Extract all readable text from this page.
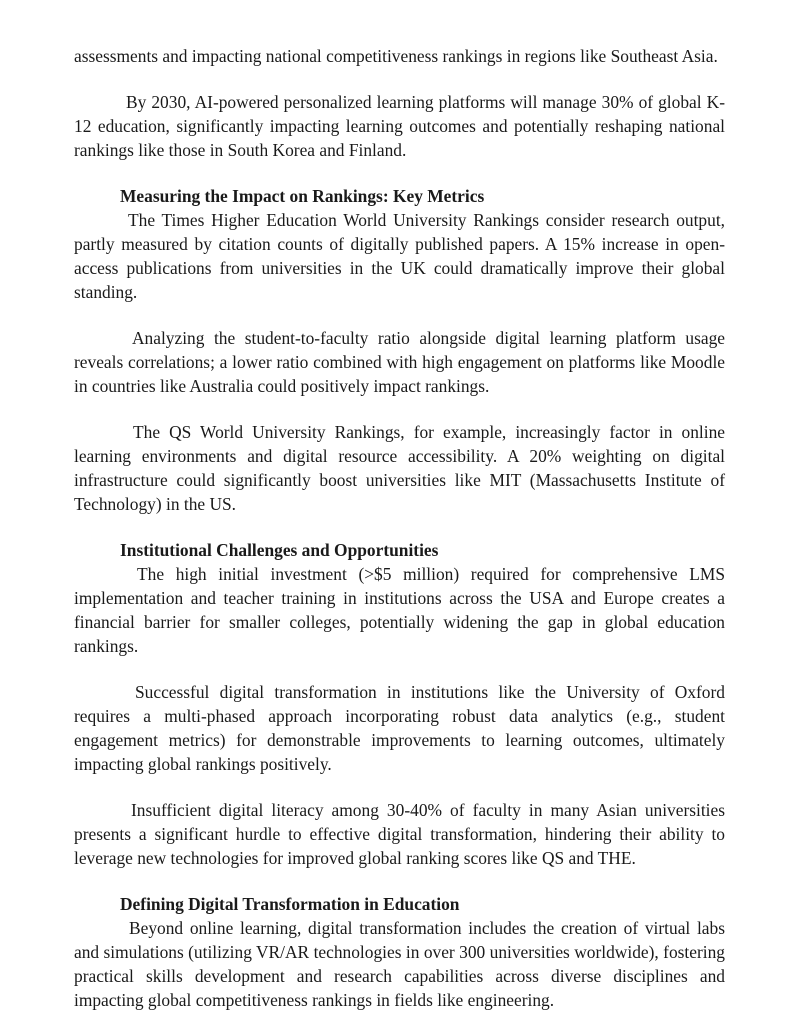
assessments and impacting national competitiveness rankings in regions like Southeast Asia.

By 2030, AI-powered personalized learning platforms will manage 30% of global K-12 education, significantly impacting learning outcomes and potentially reshaping national rankings like those in South Korea and Finland.

Measuring the Impact on Rankings: Key Metrics

The Times Higher Education World University Rankings consider research output, partly measured by citation counts of digitally published papers. A 15% increase in open-access publications from universities in the UK could dramatically improve their global standing.

Analyzing the student-to-faculty ratio alongside digital learning platform usage reveals correlations; a lower ratio combined with high engagement on platforms like Moodle in countries like Australia could positively impact rankings.

The QS World University Rankings, for example, increasingly factor in online learning environments and digital resource accessibility. A 20% weighting on digital infrastructure could significantly boost universities like MIT (Massachusetts Institute of Technology) in the US.

Institutional Challenges and Opportunities

The high initial investment (>$5 million) required for comprehensive LMS implementation and teacher training in institutions across the USA and Europe creates a financial barrier for smaller colleges, potentially widening the gap in global education rankings.

Successful digital transformation in institutions like the University of Oxford requires a multi-phased approach incorporating robust data analytics (e.g., student engagement metrics) for demonstrable improvements to learning outcomes, ultimately impacting global rankings positively.

Insufficient digital literacy among 30-40% of faculty in many Asian universities presents a significant hurdle to effective digital transformation, hindering their ability to leverage new technologies for improved global ranking scores like QS and THE.

Defining Digital Transformation in Education

Beyond online learning, digital transformation includes the creation of virtual labs and simulations (utilizing VR/AR technologies in over 300 universities worldwide), fostering practical skills development and research capabilities across diverse disciplines and impacting global competitiveness rankings in fields like engineering.
